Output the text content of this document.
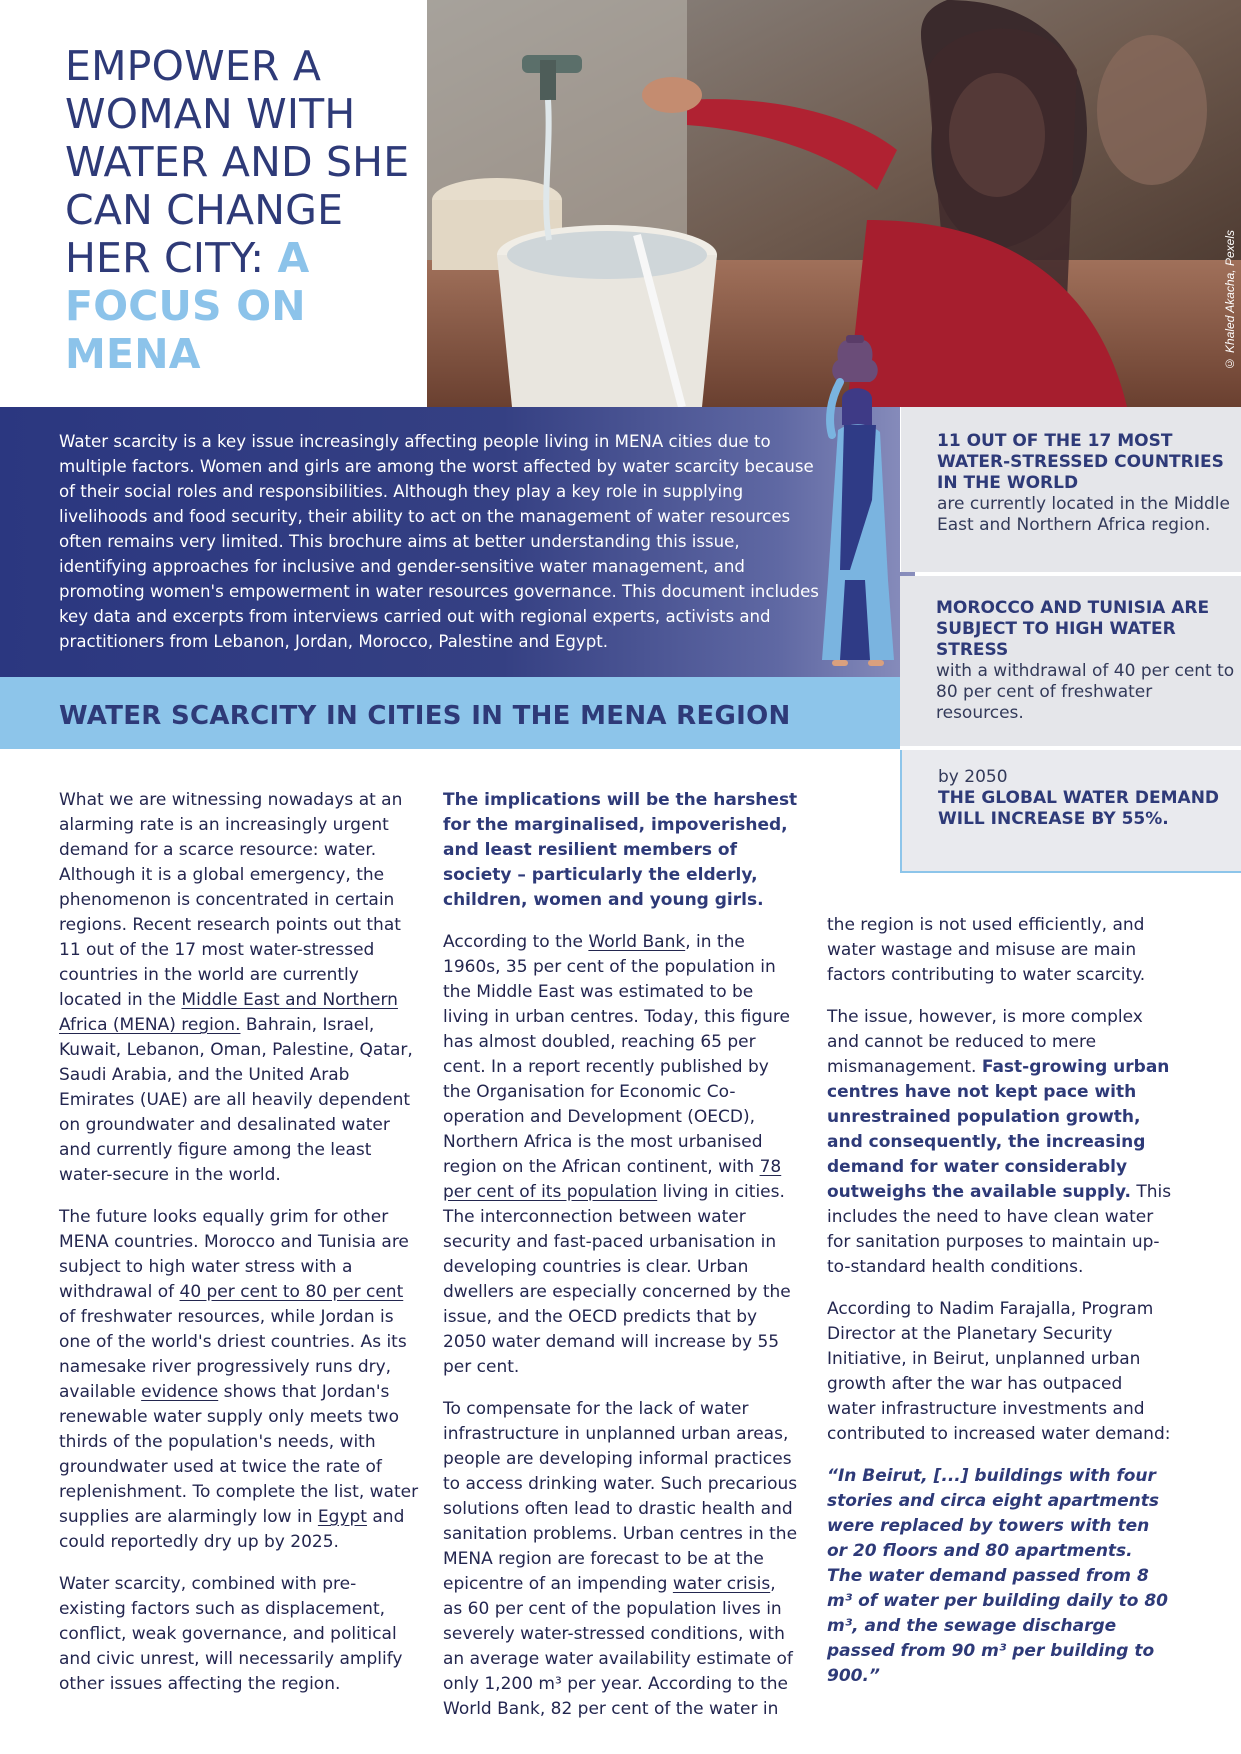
EMPOWER A WOMAN WITH WATER AND SHE CAN CHANGE HER CITY: A FOCUS ON MENA	© Khaled Akacha, Pexels

Water scarcity is a key issue increasingly affecting people living in MENA cities due to multiple factors. Women and girls are among the worst affected by water scarcity because of their social roles and responsibilities. Although they play a key role in supplying livelihoods and food security, their ability to act on the management of water resources often remains very limited. This brochure aims at better understanding this issue, identifying approaches for inclusive and gender-sensitive water management, and promoting women's empowerment in water resources governance. This document includes key data and excerpts from interviews carried out with regional experts, activists and practitioners from Lebanon, Jordan, Morocco, Palestine and Egypt.

WATER SCARCITY IN CITIES IN THE MENA REGION
11 OUT OF THE 17 MOST WATER-STRESSED COUNTRIES IN THE WORLD
are currently located in the Middle East and Northern Africa region.
MOROCCO AND TUNISIA ARE SUBJECT TO HIGH WATER STRESS
with a withdrawal of 40 per cent to 80 per cent of freshwater resources.
by 2050
THE GLOBAL WATER DEMAND WILL INCREASE BY 55%.

What we are witnessing nowadays at an alarming rate is an increasingly urgent demand for a scarce resource: water. Although it is a global emergency, the phenomenon is concentrated in certain regions. Recent research points out that 11 out of the 17 most water-stressed countries in the world are currently located in the Middle East and Northern Africa (MENA) region. Bahrain, Israel, Kuwait, Lebanon, Oman, Palestine, Qatar, Saudi Arabia, and the United Arab Emirates (UAE) are all heavily dependent on groundwater and desalinated water and currently figure among the least water-secure in the world.

The future looks equally grim for other MENA countries. Morocco and Tunisia are subject to high water stress with a withdrawal of 40 per cent to 80 per cent of freshwater resources, while Jordan is one of the world's driest countries. As its namesake river progressively runs dry, available evidence shows that Jordan's renewable water supply only meets two thirds of the population's needs, with groundwater used at twice the rate of replenishment. To complete the list, water supplies are alarmingly low in Egypt and could reportedly dry up by 2025.

Water scarcity, combined with pre-existing factors such as displacement, conflict, weak governance, and political and civic unrest, will necessarily amplify other issues affecting the region.

The implications will be the harshest for the marginalised, impoverished, and least resilient members of society – particularly the elderly, children, women and young girls.

According to the World Bank, in the 1960s, 35 per cent of the population in the Middle East was estimated to be living in urban centres. Today, this figure has almost doubled, reaching 65 per cent. In a report recently published by the Organisation for Economic Co-operation and Development (OECD), Northern Africa is the most urbanised region on the African continent, with 78 per cent of its population living in cities. The interconnection between water security and fast-paced urbanisation in developing countries is clear. Urban dwellers are especially concerned by the issue, and the OECD predicts that by 2050 water demand will increase by 55 per cent.

To compensate for the lack of water infrastructure in unplanned urban areas, people are developing informal practices to access drinking water. Such precarious solutions often lead to drastic health and sanitation problems. Urban centres in the MENA region are forecast to be at the epicentre of an impending water crisis, as 60 per cent of the population lives in severely water-stressed conditions, with an average water availability estimate of only 1,200 m³ per year. According to the World Bank, 82 per cent of the water in

the region is not used efficiently, and water wastage and misuse are main factors contributing to water scarcity.

The issue, however, is more complex and cannot be reduced to mere mismanagement. Fast-growing urban centres have not kept pace with unrestrained population growth, and consequently, the increasing demand for water considerably outweighs the available supply. This includes the need to have clean water for sanitation purposes to maintain up-to-standard health conditions.

According to Nadim Farajalla, Program Director at the Planetary Security Initiative, in Beirut, unplanned urban growth after the war has outpaced water infrastructure investments and contributed to increased water demand:

“In Beirut, [...] buildings with four stories and circa eight apartments were replaced by towers with ten or 20 floors and 80 apartments. The water demand passed from 8 m³ of water per building daily to 80 m³, and the sewage discharge passed from 90 m³ per building to 900.”
